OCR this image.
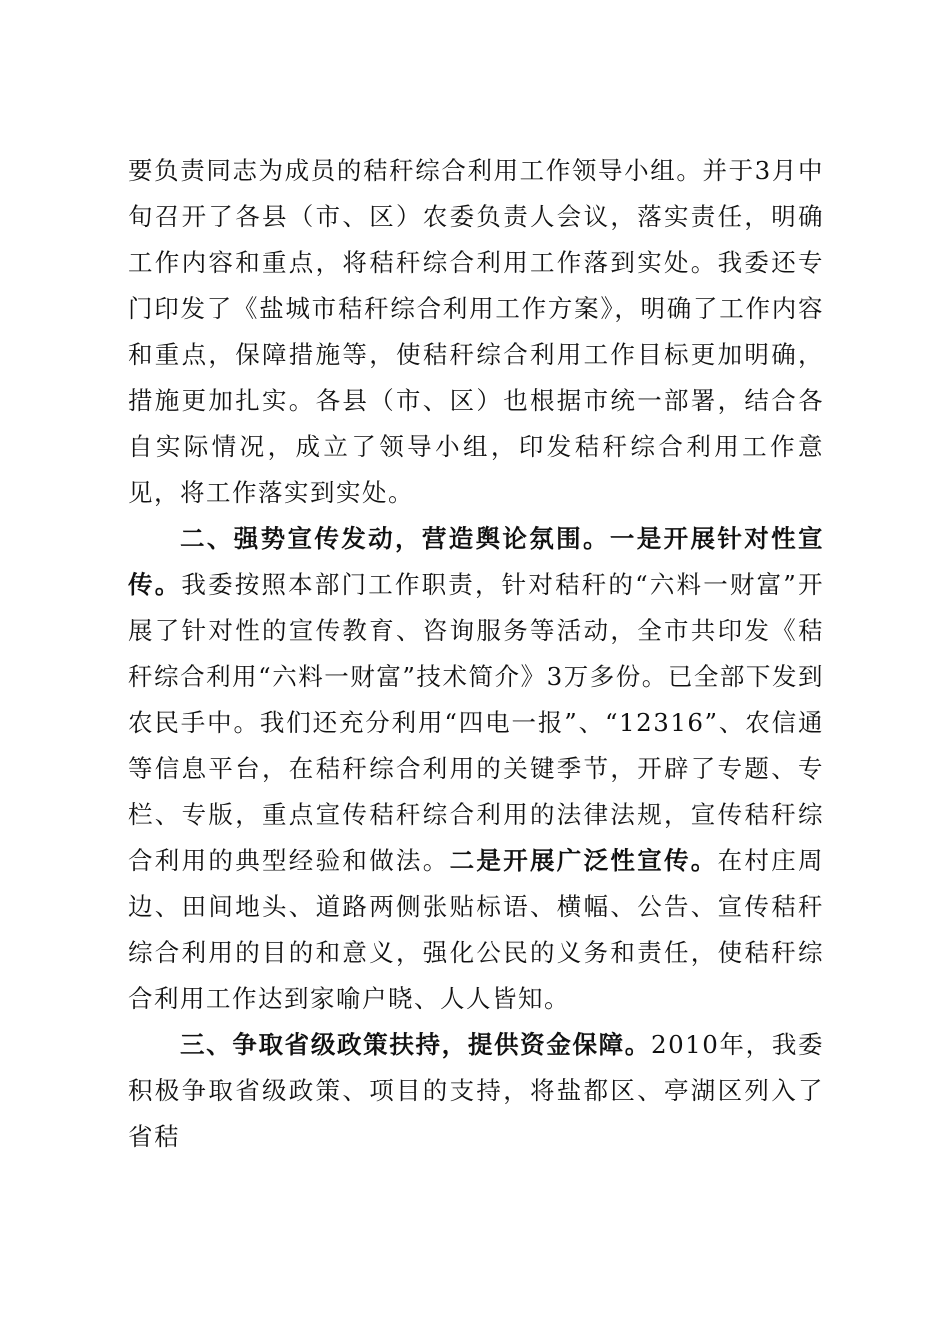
要负责同志为成员的秸秆综合利用工作领导小组。并于3月中旬召开了各县（市、区）农委负责人会议，落实责任，明确工作内容和重点，将秸秆综合利用工作落到实处。我委还专门印发了《盐城市秸秆综合利用工作方案》，明确了工作内容和重点，保障措施等，使秸秆综合利用工作目标更加明确，措施更加扎实。各县（市、区）也根据市统一部署，结合各自实际情况，成立了领导小组，印发秸秆综合利用工作意见，将工作落实到实处。

二、强势宣传发动，营造舆论氛围。一是开展针对性宣传。我委按照本部门工作职责，针对秸秆的“六料一财富”开展了针对性的宣传教育、咨询服务等活动，全市共印发《秸秆综合利用“六料一财富”技术简介》3万多份。已全部下发到农民手中。我们还充分利用“四电一报”、“12316”、农信通等信息平台，在秸秆综合利用的关键季节，开辟了专题、专栏、专版，重点宣传秸秆综合利用的法律法规，宣传秸秆综合利用的典型经验和做法。二是开展广泛性宣传。在村庄周边、田间地头、道路两侧张贴标语、横幅、公告、宣传秸秆综合利用的目的和意义，强化公民的义务和责任，使秸秆综合利用工作达到家喻户晓、人人皆知。

三、争取省级政策扶持，提供资金保障。2010年，我委积极争取省级政策、项目的支持，将盐都区、亭湖区列入了省秸
